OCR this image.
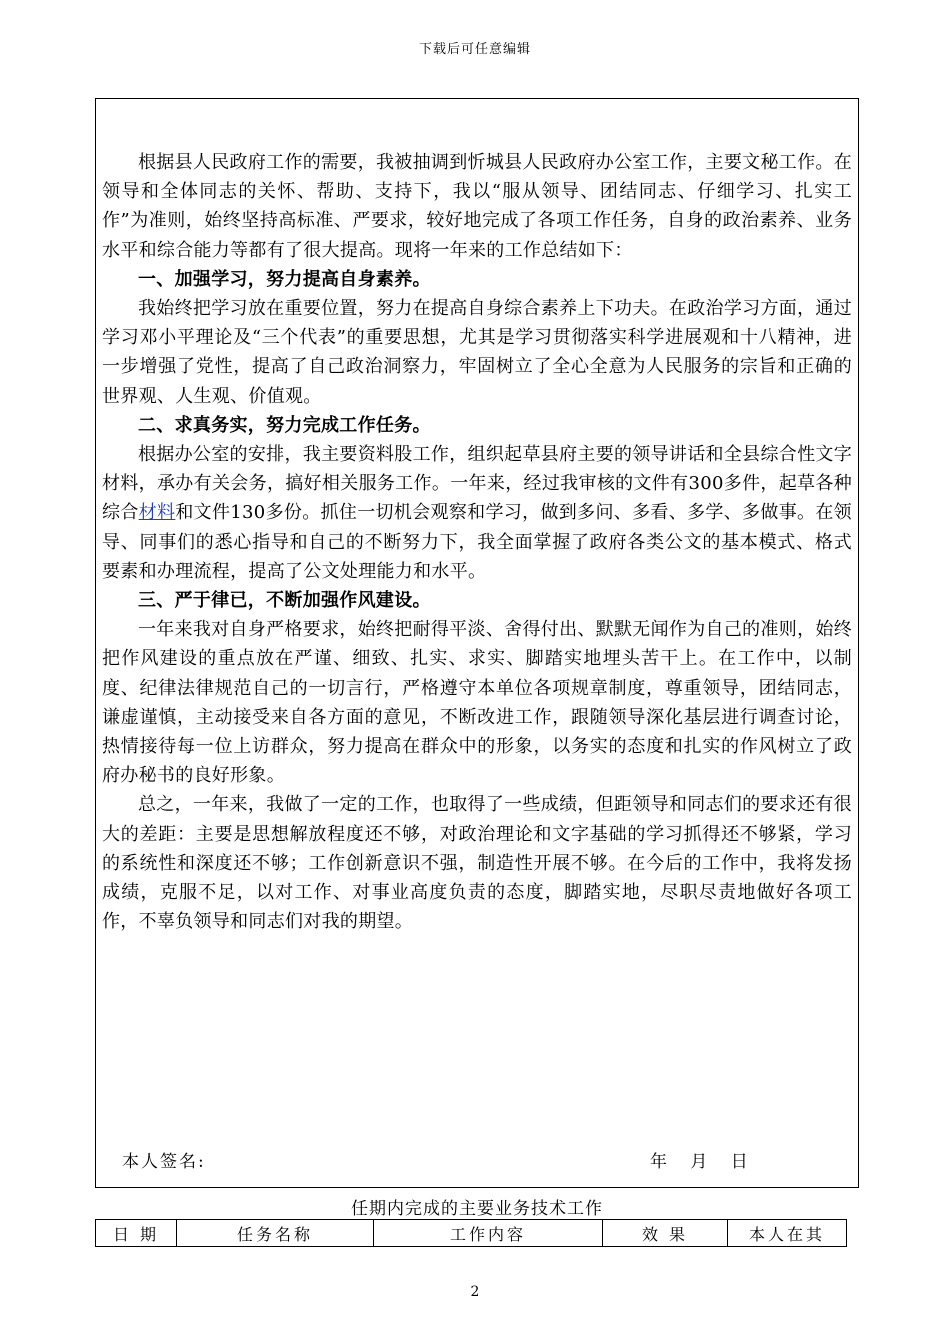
下载后可任意编辑

根据县人民政府工作的需要，我被抽调到忻城县人民政府办公室工作，主要文秘工作。在领导和全体同志的关怀、帮助、支持下，我以“服从领导、团结同志、仔细学习、扎实工作”为准则，始终坚持高标准、严要求，较好地完成了各项工作任务，自身的政治素养、业务水平和综合能力等都有了很大提高。现将一年来的工作总结如下：

一、加强学习，努力提高自身素养。

我始终把学习放在重要位置，努力在提高自身综合素养上下功夫。在政治学习方面，通过学习邓小平理论及“三个代表”的重要思想，尤其是学习贯彻落实科学进展观和十八精神，进一步增强了党性，提高了自己政治洞察力，牢固树立了全心全意为人民服务的宗旨和正确的世界观、人生观、价值观。

二、求真务实，努力完成工作任务。

根据办公室的安排，我主要资料股工作，组织起草县府主要的领导讲话和全县综合性文字材料，承办有关会务，搞好相关服务工作。一年来，经过我审核的文件有300多件，起草各种综合材料和文件130多份。抓住一切机会观察和学习，做到多问、多看、多学、多做事。在领导、同事们的悉心指导和自己的不断努力下，我全面掌握了政府各类公文的基本模式、格式要素和办理流程，提高了公文处理能力和水平。

三、严于律已，不断加强作风建设。

一年来我对自身严格要求，始终把耐得平淡、舍得付出、默默无闻作为自己的准则，始终把作风建设的重点放在严谨、细致、扎实、求实、脚踏实地埋头苦干上。在工作中，以制度、纪律法律规范自己的一切言行，严格遵守本单位各项规章制度，尊重领导，团结同志，谦虚谨慎，主动接受来自各方面的意见，不断改进工作，跟随领导深化基层进行调查讨论，热情接待每一位上访群众，努力提高在群众中的形象，以务实的态度和扎实的作风树立了政府办秘书的良好形象。

总之，一年来，我做了一定的工作，也取得了一些成绩，但距领导和同志们的要求还有很大的差距：主要是思想解放程度还不够，对政治理论和文字基础的学习抓得还不够紧，学习的系统性和深度还不够；工作创新意识不强，制造性开展不够。在今后的工作中，我将发扬成绩，克服不足，以对工作、对事业高度负责的态度，脚踏实地，尽职尽责地做好各项工作，不辜负领导和同志们对我的期望。

本人签名:	年 月 日
任期内完成的主要业务技术工作
日 期	任务名称	工作内容	效 果	本人在其
2
